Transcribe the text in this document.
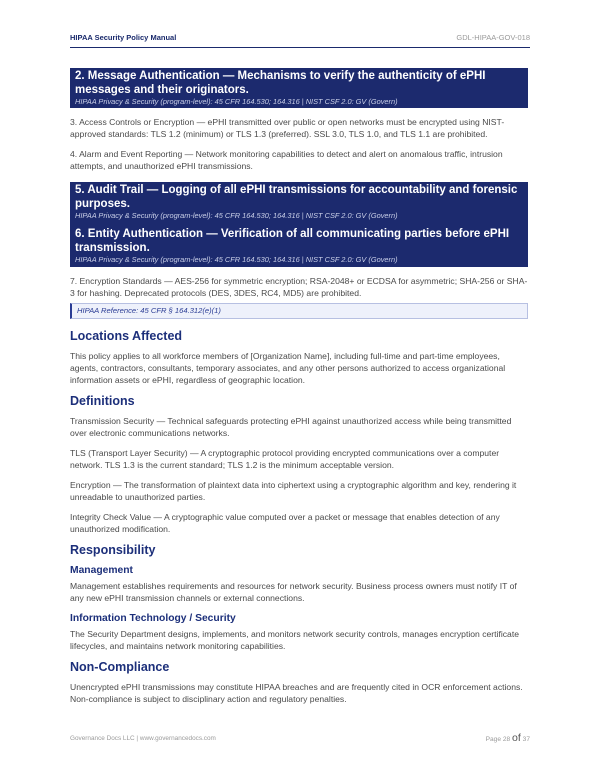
HIPAA Security Policy Manual	GDL-HIPAA-GOV-018
2. Message Authentication — Mechanisms to verify the authenticity of ePHI messages and their originators.
HIPAA Privacy & Security (program-level): 45 CFR 164.530; 164.316 | NIST CSF 2.0: GV (Govern)

3. Access Controls or Encryption — ePHI transmitted over public or open networks must be encrypted using NIST-approved standards: TLS 1.2 (minimum) or TLS 1.3 (preferred). SSL 3.0, TLS 1.0, and TLS 1.1 are prohibited.

4. Alarm and Event Reporting — Network monitoring capabilities to detect and alert on anomalous traffic, intrusion attempts, and unauthorized ePHI transmissions.

5. Audit Trail — Logging of all ePHI transmissions for accountability and forensic purposes.
HIPAA Privacy & Security (program-level): 45 CFR 164.530; 164.316 | NIST CSF 2.0: GV (Govern)
6. Entity Authentication — Verification of all communicating parties before ePHI transmission.
HIPAA Privacy & Security (program-level): 45 CFR 164.530; 164.316 | NIST CSF 2.0: GV (Govern)

7. Encryption Standards — AES-256 for symmetric encryption; RSA-2048+ or ECDSA for asymmetric; SHA-256 or SHA-3 for hashing. Deprecated protocols (DES, 3DES, RC4, MD5) are prohibited.

HIPAA Reference: 45 CFR § 164.312(e)(1)
Locations Affected

This policy applies to all workforce members of [Organization Name], including full-time and part-time employees, agents, contractors, consultants, temporary associates, and any other persons authorized to access organizational information assets or ePHI, regardless of geographic location.

Definitions

Transmission Security — Technical safeguards protecting ePHI against unauthorized access while being transmitted over electronic communications networks.

TLS (Transport Layer Security) — A cryptographic protocol providing encrypted communications over a computer network. TLS 1.3 is the current standard; TLS 1.2 is the minimum acceptable version.

Encryption — The transformation of plaintext data into ciphertext using a cryptographic algorithm and key, rendering it unreadable to unauthorized parties.

Integrity Check Value — A cryptographic value computed over a packet or message that enables detection of any unauthorized modification.

Responsibility
Management

Management establishes requirements and resources for network security. Business process owners must notify IT of any new ePHI transmission channels or external connections.

Information Technology / Security

The Security Department designs, implements, and monitors network security controls, manages encryption certificate lifecycles, and maintains network monitoring capabilities.

Non-Compliance

Unencrypted ePHI transmissions may constitute HIPAA breaches and are frequently cited in OCR enforcement actions. Non-compliance is subject to disciplinary action and regulatory penalties.

Governance Docs LLC | www.governancedocs.com	Page 28 of 37
